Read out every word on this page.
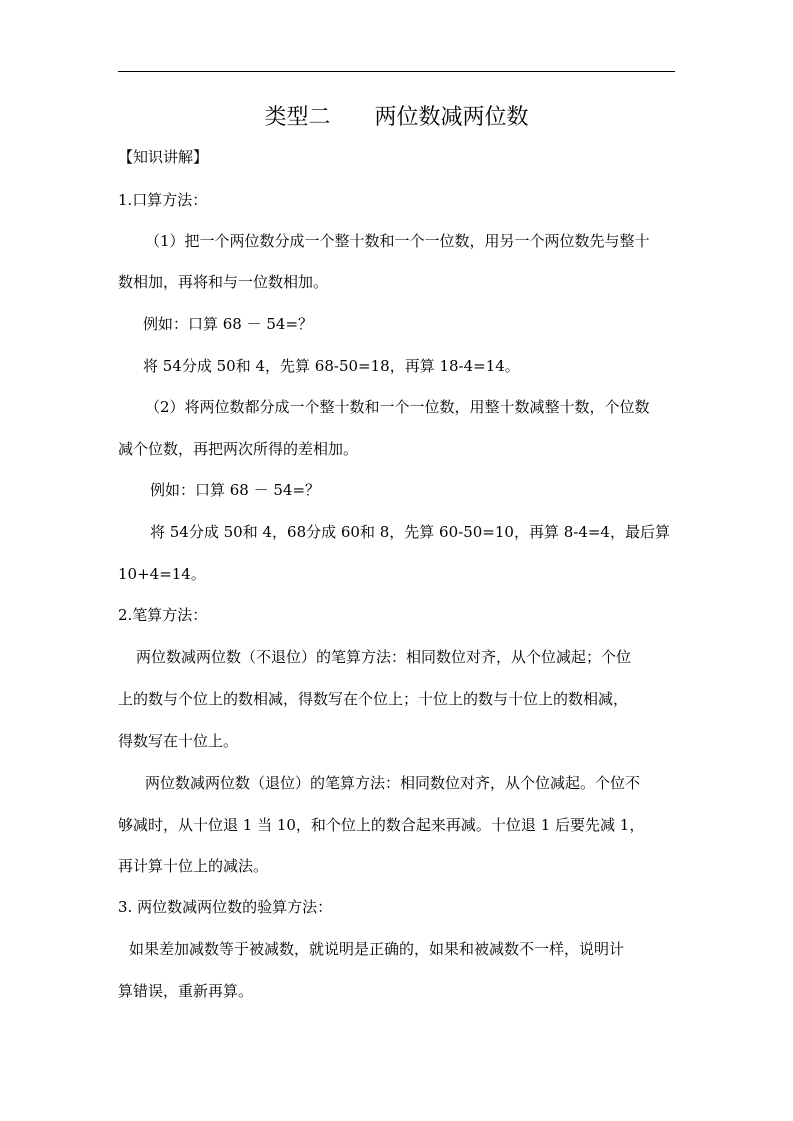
类型二　　两位数减两位数
【知识讲解】
1.口算方法：
（1）把一个两位数分成一个整十数和一个一位数，用另一个两位数先与整十
数相加，再将和与一位数相加。
例如：口算 68 － 54=？
将 54分成 50和 4，先算 68-50=18，再算 18-4=14。
（2）将两位数都分成一个整十数和一个一位数，用整十数减整十数，个位数
减个位数，再把两次所得的差相加。
例如：口算 68 － 54=？
将 54分成 50和 4，68分成 60和 8，先算 60-50=10，再算 8-4=4，最后算
10+4=14。
2.笔算方法：
两位数减两位数（不退位）的笔算方法：相同数位对齐，从个位减起；个位
上的数与个位上的数相减，得数写在个位上；十位上的数与十位上的数相减，
得数写在十位上。
两位数减两位数（退位）的笔算方法：相同数位对齐，从个位减起。个位不
够减时，从十位退 1 当 10，和个位上的数合起来再减。十位退 1 后要先减 1，
再计算十位上的减法。
3. 两位数减两位数的验算方法：
如果差加减数等于被减数，就说明是正确的，如果和被减数不一样，说明计
算错误，重新再算。
